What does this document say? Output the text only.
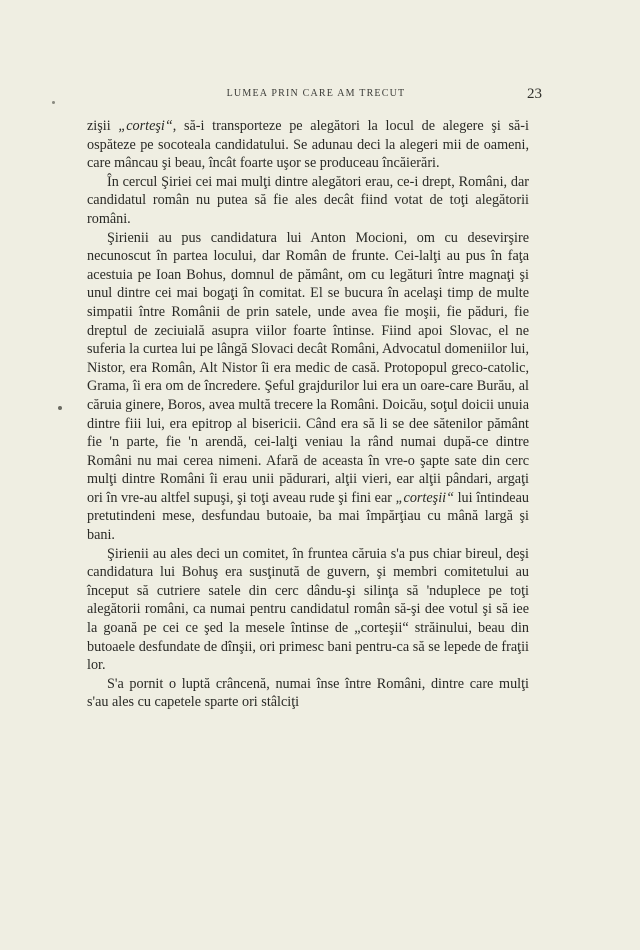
LUMEA PRIN CARE AM TRECUT	23

zişii „corteşi“, să-i transporteze pe alegători la locul de alegere şi să-i ospăteze pe socoteala candidatului. Se adunau deci la alegeri mii de oameni, care mâncau şi beau, încât foarte uşor se produceau încăierări.

În cercul Şiriei cei mai mulţi dintre alegători erau, ce-i drept, Români, dar candidatul român nu putea să fie ales decât fiind votat de toţi alegătorii români.

Şirienii au pus candidatura lui Anton Mocioni, om cu desevirşire necunoscut în partea locului, dar Român de frunte. Cei-lalţi au pus în faţa acestuia pe Ioan Bohus, domnul de pământ, om cu legături între magnaţi şi unul dintre cei mai bogaţi în comitat. El se bucura în acelaşi timp de multe simpatii între Românii de prin satele, unde avea fie moşii, fie păduri, fie dreptul de zeciuială asupra viilor foarte întinse. Fiind apoi Slovac, el ne suferia la curtea lui pe lângă Slovaci decât Români, Advocatul domeniilor lui, Nistor, era Român, Alt Nistor îi era medic de casă. Protopopul greco-catolic, Grama, îi era om de încredere. Şeful grajdurilor lui era un oare-care Burău, al căruia ginere, Boros, avea multă trecere la Români. Doicău, soţul doicii unuia dintre fiii lui, era epitrop al bisericii. Când era să li se dee sătenilor pământ fie 'n parte, fie 'n arendă, cei-lalţi veniau la rând numai după-ce dintre Români nu mai cerea nimeni. Afară de aceasta în vre-o şapte sate din cerc mulţi dintre Români îi erau unii pădurari, alţii vieri, ear alţii pândari, argaţi ori în vre-au altfel supuşi, şi toţi aveau rude şi fini ear „corteşii“ lui întindeau pretutindeni mese, desfundau butoaie, ba mai împărţiau cu mână largă şi bani.

Şirienii au ales deci un comitet, în fruntea căruia s'a pus chiar bireul, deşi candidatura lui Bohuş era susţinută de guvern, şi membri comitetului au început să cutriere satele din cerc dându-şi silinţa să 'nduplece pe toţi alegătorii români, ca numai pentru candidatul român să-şi dee votul şi să iee la goană pe cei ce şed la mesele întinse de „corteşii“ străinului, beau din butoaele desfundate de dînşii, ori primesc bani pentru-ca să se lepede de fraţii lor.

S'a pornit o luptă crâncenă, numai înse între Români, dintre care mulţi s'au ales cu capetele sparte ori stâlciţi
